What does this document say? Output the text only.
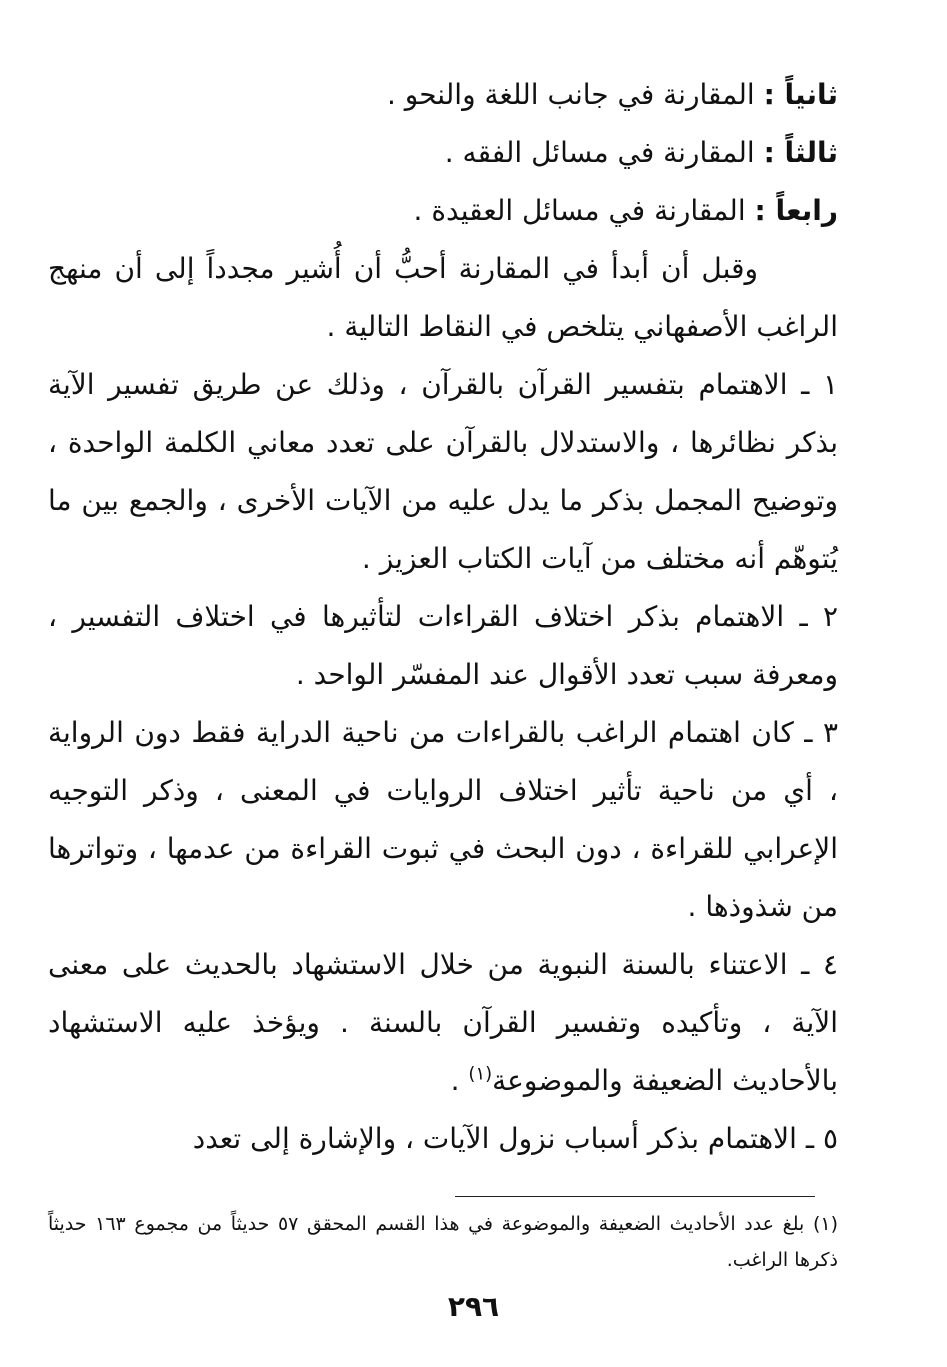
ثانياً : المقارنة في جانب اللغة والنحو .

ثالثاً : المقارنة في مسائل الفقه .

رابعاً : المقارنة في مسائل العقيدة .

وقبل أن أبدأ في المقارنة أحبُّ أن أُشير مجدداً إلى أن منهج الراغب الأصفهاني يتلخص في النقاط التالية .

١ ـ الاهتمام بتفسير القرآن بالقرآن ، وذلك عن طريق تفسير الآية بذكر نظائرها ، والاستدلال بالقرآن على تعدد معاني الكلمة الواحدة ، وتوضيح المجمل بذكر ما يدل عليه من الآيات الأخرى ، والجمع بين ما يُتوهّم أنه مختلف من آيات الكتاب العزيز .

٢ ـ الاهتمام بذكر اختلاف القراءات لتأثيرها في اختلاف التفسير ، ومعرفة سبب تعدد الأقوال عند المفسّر الواحد .

٣ ـ كان اهتمام الراغب بالقراءات من ناحية الدراية فقط دون الرواية ، أي من ناحية تأثير اختلاف الروايات في المعنى ، وذكر التوجيه الإعرابي للقراءة ، دون البحث في ثبوت القراءة من عدمها ، وتواترها من شذوذها .

٤ ـ الاعتناء بالسنة النبوية من خلال الاستشهاد بالحديث على معنى الآية ، وتأكيده وتفسير القرآن بالسنة . ويؤخذ عليه الاستشهاد بالأحاديث الضعيفة والموضوعة$^{(١)}$ .

٥ ـ الاهتمام بذكر أسباب نزول الآيات ، والإشارة إلى تعدد

(١) بلغ عدد الأحاديث الضعيفة والموضوعة في هذا القسم المحقق ٥٧ حديثاً من مجموع ١٦٣ حديثاً ذكرها الراغب.

٢٩٦
